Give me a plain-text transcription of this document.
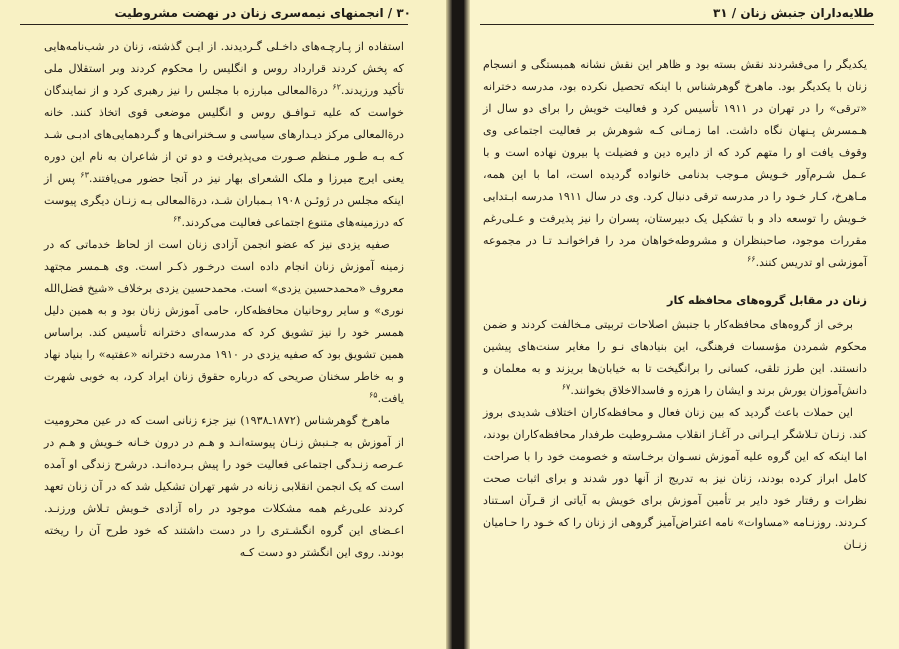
۳۰ / انجمنهای نیمه‌سری زنان در نهضت مشروطیت

استفاده از پـارچـه‌های داخـلی گـردیدند. از ایـن گذشته، زنان در شب‌نامه‌هایی که پخش کردند قرارداد روس و انگلیس را محکوم کردند وبر استقلال ملی تأکید ورزیدند.$^{۶۲}$ درةالمعالی مبارزه با مجلس را نیز رهبری کرد و از نمایندگان خواست که علیه تـوافـق روس و انگلیس موضعی قوی اتخاذ کنند. خانه درةالمعالی مرکز دیـدارهای سیاسی و سـخنرانی‌ها و گـردهمایی‌های ادبـی شـد کـه بـه طـور مـنظم صـورت می‌پذیرفت و دو تن از شاعران به نام این دوره یعنی ایرج میرزا و ملک الشعرای بهار نیز در آنجا حضور می‌یافتند.$^{۶۳}$ پس از اینکه مجلس در ژوئـن ۱۹۰۸ بـمباران شـد، درةالمعالی بـه زنـان دیگری پیوست که درزمینه‌های متنوع اجتماعی فعالیت می‌کردند.$^{۶۴}$

صفیه یزدی نیز که عضو انجمن آزادی زنان است از لحاظ خدماتی که در زمینه آموزش زنان انجام داده است درخـور ذکـر است. وی هـمسر مجتهد معروف «محمدحسین یزدی» است. محمدحسین یزدی برخلاف «شیخ فضل‌الله نوری» و سایر روحانیان محافظه‌کار، حامی آموزش زنان بود و به همین دلیل همسر خود را نیز تشویق کرد که مدرسه‌ای دخترانه تأسیس کند. براساس همین تشویق بود که صفیه یزدی در ۱۹۱۰ مدرسه دخترانه «عفتیه» را بنیاد نهاد و به خاطر سخنان صریحی که درباره حقوق زنان ایراد کرد، به خوبی شهرت یافت.$^{۶۵}$

ماهرخ گوهرشناس (۱۸۷۲ـ۱۹۳۸) نیز جزء زنانی است که در عین محرومیت از آموزش به جـنبش زنـان پیوسته‌انـد و هـم در درون خـانه خـویش و هـم در عـرصه زنـدگی اجتماعی فعالیت خود را پیش بـرده‌انـد. درشرح زندگی او آمده است که یک انجمن انقلابی زنانه در شهر تهران تشکیل شد که در آن زنان تعهد کردند علی‌رغم همه مشکلات موجود در راه آزادی خـویش تـلاش ورزنـد. اعـضای این گروه انگشـتری را در دست داشتند که خود طرح آن را ریخته بودند. روی این انگشتر دو دست کـه

طلایه‌داران جنبش زنان / ۳۱

یکدیگر را می‌فشردند نقش بسته بود و ظاهر این نقش نشانه همبستگی و انسجام زنان با یکدیگر بود. ماهرخ گوهرشناس با اینکه تحصیل نکرده بود، مدرسه دخترانه «ترقی» را در تهران در ۱۹۱۱ تأسیس کرد و فعالیت خویش را برای دو سال از هـمسرش پـنهان نگاه داشت. اما زمـانی کـه شوهرش بر فعالیت اجتماعی وی وقوف یافت او را متهم کرد که از دایره دین و فضیلت پا بیرون نهاده است و با عـمل شـرم‌آور خـویش مـوجب بدنامی خانواده گردیده است، اما با این همه، مـاهرخ، کـار خـود را در مدرسه ترقی دنبال کرد. وی در سال ۱۹۱۱ مدرسه ابـتدایی خـویش را توسعه داد و با تشکیل یک دبیرستان، پسران را نیز پذیرفت و عـلی‌رغم مقررات موجود، صاحبنظران و مشروطه‌خواهان مرد را فراخوانـد تـا در مجموعه آموزشی او تدریس کنند.$^{۶۶}$

زنان در مقابل گروه‌های محافظه کار

برخی از گروه‌های محافظه‌کار با جنبش اصلاحات تربیتی مـخالفت کردند و ضمن محکوم شمردن مؤسسات فرهنگی، این بنیادهای نـو را مغایر سنت‌های پیشین دانستند. این طرز تلقی، کسانی را برانگیخت تا به خیابان‌ها بریزند و به معلمان و دانش‌آموزان یورش برند و ایشان را هرزه و فاسدالاخلاق بخوانند.$^{۶۷}$

این حملات باعث گردید که بین زنان فعال و محافظه‌کاران اختلاف شدیدی بروز کند. زنـان تـلاشگر ایـرانی در آغـاز انقلاب مشـروطیت طرفدار محافظه‌کاران بودند، اما اینکه که این گروه علیه آموزش نسـوان برخـاسته و خصومت خود را با صراحت کامل ابراز کرده بودند، زنان نیز به تدریج از آنها دور شدند و برای اثبات صحت نظرات و رفتار خود دایر بر تأمین آموزش برای خویش به آیاتی از قـرآن اسـتناد کـردند. روزنـامه «مساوات» نامه اعتراض‌آمیز گروهی از زنان را که خـود را حـامیان زنـان
